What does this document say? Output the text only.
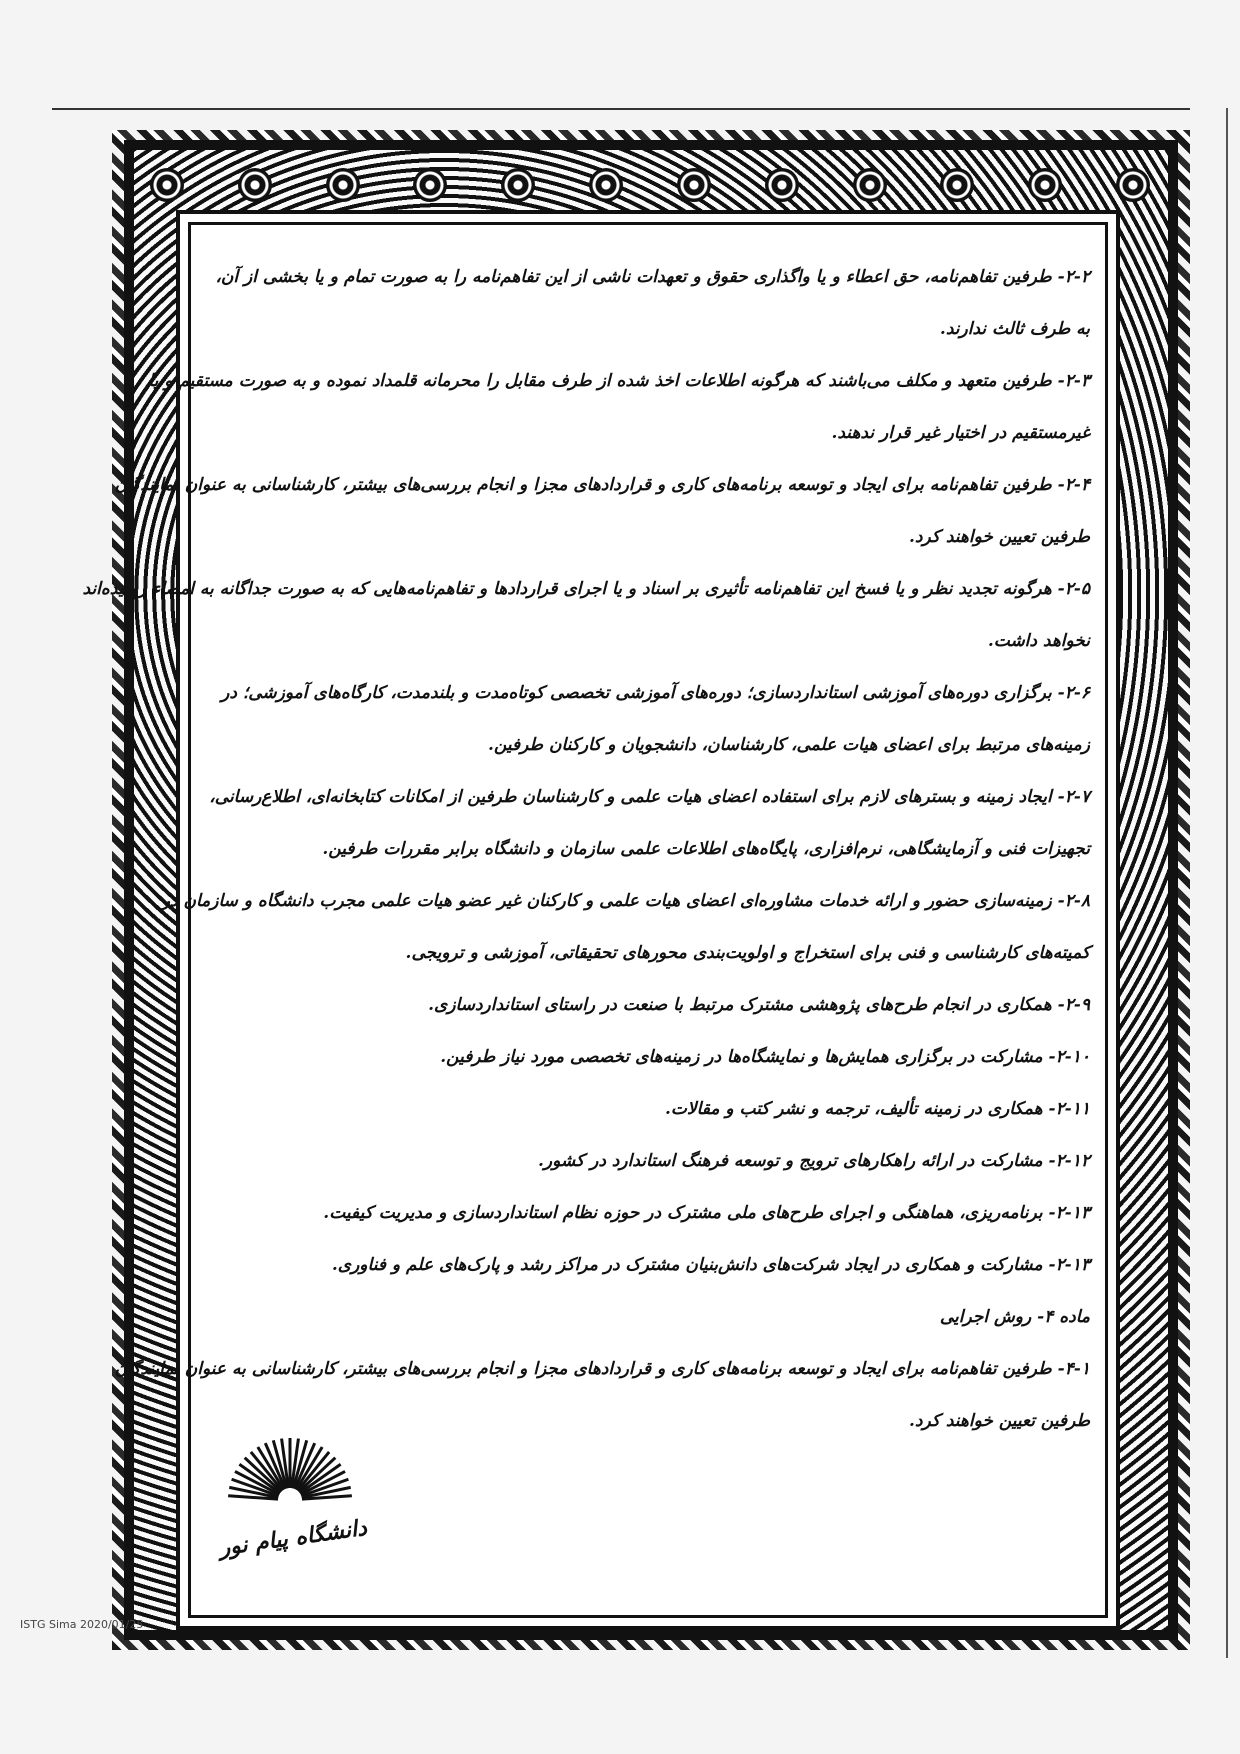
۲-۲- طرفین تفاهم‌نامه، حق اعطاء و یا واگذاری حقوق و تعهدات ناشی از این تفاهم‌نامه را به صورت تمام و یا بخشی از آن،
به طرف ثالث ندارند.
۲-۳- طرفین متعهد و مکلف می‌باشند که هرگونه اطلاعات اخذ شده از طرف مقابل را محرمانه قلمداد نموده و به صورت مستقیم و یا
غیرمستقیم در اختیار غیر قرار ندهند.
۲-۴- طرفین تفاهم‌نامه برای ایجاد و توسعه برنامه‌های کاری و قراردادهای مجزا و انجام بررسی‌های بیشتر، کارشناسانی به عنوان نمایندگان
طرفین تعیین خواهند کرد.
۲-۵- هرگونه تجدید نظر و یا فسخ این تفاهم‌نامه تأثیری بر اسناد و یا اجرای قراردادها و تفاهم‌نامه‌هایی که به صورت جداگانه به امضاء رسیده‌اند
نخواهد داشت.
۲-۶- برگزاری دوره‌های آموزشی استانداردسازی؛ دوره‌های آموزشی تخصصی کوتاه‌مدت و بلندمدت، کارگاه‌های آموزشی؛ در
زمینه‌های مرتبط برای اعضای هیات علمی، کارشناسان، دانشجویان و کارکنان طرفین.
۲-۷- ایجاد زمینه و بسترهای لازم برای استفاده اعضای هیات علمی و کارشناسان طرفین از امکانات کتابخانه‌ای، اطلاع‌رسانی،
تجهیزات فنی و آزمایشگاهی، نرم‌افزاری، پایگاه‌های اطلاعات علمی سازمان و دانشگاه برابر مقررات طرفین.
۲-۸- زمینه‌سازی حضور و ارائه خدمات مشاوره‌ای اعضای هیات علمی و کارکنان غیر عضو هیات علمی مجرب دانشگاه و سازمان در
کمیته‌های کارشناسی و فنی برای استخراج و اولویت‌بندی محورهای تحقیقاتی، آموزشی و ترویجی.
۲-۹- همکاری در انجام طرح‌های پژوهشی مشترک مرتبط با صنعت در راستای استانداردسازی.
۲-۱۰- مشارکت در برگزاری همایش‌ها و نمایشگاه‌ها در زمینه‌های تخصصی مورد نیاز طرفین.
۲-۱۱- همکاری در زمینه تألیف، ترجمه و نشر کتب و مقالات.
۲-۱۲- مشارکت در ارائه راهکارهای ترویج و توسعه فرهنگ استاندارد در کشور.
۲-۱۳- برنامه‌ریزی، هماهنگی و اجرای طرح‌های ملی مشترک در حوزه نظام استانداردسازی و مدیریت کیفیت.
۲-۱۳- مشارکت و همکاری در ایجاد شرکت‌های دانش‌بنیان مشترک در مراکز رشد و پارک‌های علم و فناوری.
ماده ۴- روش اجرایی
۴-۱- طرفین تفاهم‌نامه برای ایجاد و توسعه برنامه‌های کاری و قراردادهای مجزا و انجام بررسی‌های بیشتر، کارشناسانی به عنوان نمایندگان
طرفین تعیین خواهند کرد.
دانشگاه پیام نور
ISTG Sima 2020/01/25
